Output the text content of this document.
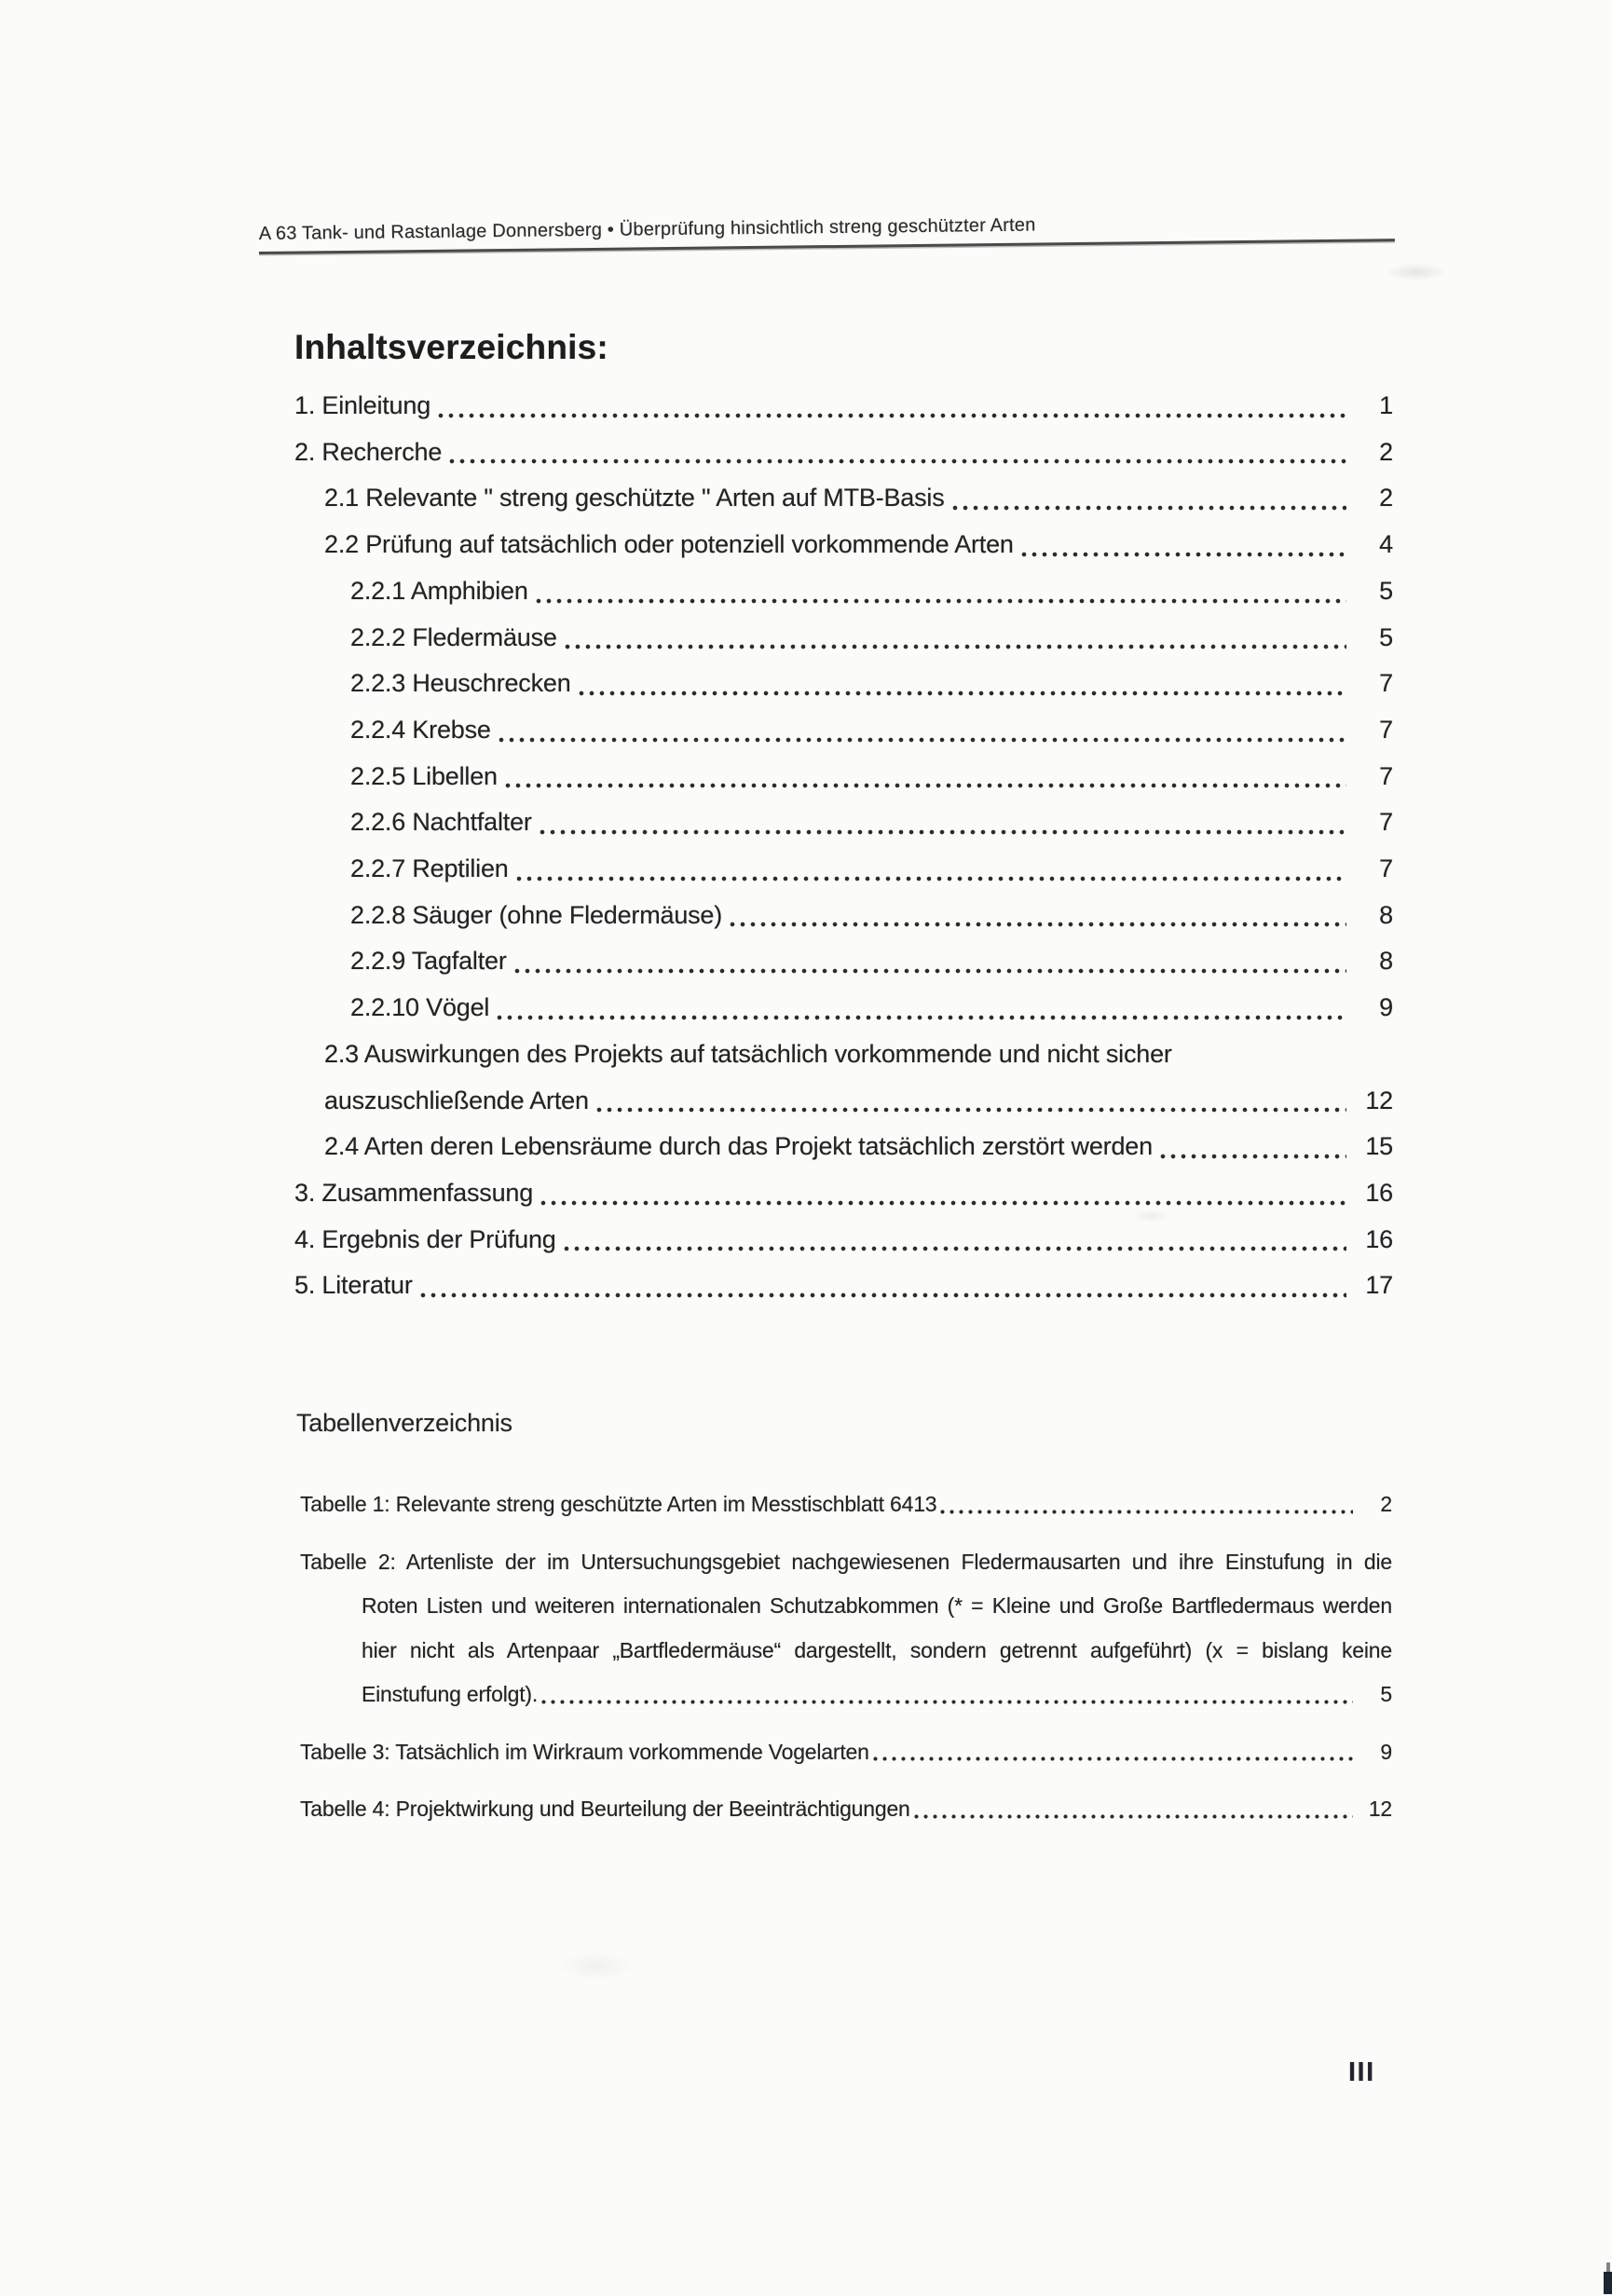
A 63 Tank- und Rastanlage Donnersberg • Überprüfung hinsichtlich streng geschützter Arten
Inhaltsverzeichnis:
1. Einleitung	1
2. Recherche	2
2.1 Relevante " streng geschützte " Arten auf MTB-Basis	2
2.2 Prüfung auf tatsächlich oder potenziell vorkommende Arten	4
2.2.1 Amphibien	5
2.2.2 Fledermäuse	5
2.2.3 Heuschrecken	7
2.2.4 Krebse	7
2.2.5 Libellen	7
2.2.6 Nachtfalter	7
2.2.7 Reptilien	7
2.2.8 Säuger (ohne Fledermäuse)	8
2.2.9 Tagfalter	8
2.2.10 Vögel	9
2.3 Auswirkungen des Projekts auf tatsächlich vorkommende und nicht sicher
auszuschließende Arten	12
2.4 Arten deren Lebensräume durch das Projekt tatsächlich zerstört werden	15
3. Zusammenfassung	16
4. Ergebnis der Prüfung	16
5. Literatur	17
Tabellenverzeichnis
Tabelle 1: Relevante streng geschützte Arten im Messtischblatt 6413	2
Tabelle 2: Artenliste der im Untersuchungsgebiet nachgewiesenen Fledermausarten und ihre Einstufung in die
Roten Listen und weiteren internationalen Schutzabkommen (* = Kleine und Große Bartfledermaus werden
hier nicht als Artenpaar „Bartfledermäuse“ dargestellt, sondern getrennt aufgeführt) (x = bislang keine
Einstufung erfolgt).	5
Tabelle 3: Tatsächlich im Wirkraum vorkommende Vogelarten	9
Tabelle 4: Projektwirkung und Beurteilung der Beeinträchtigungen	12
III
